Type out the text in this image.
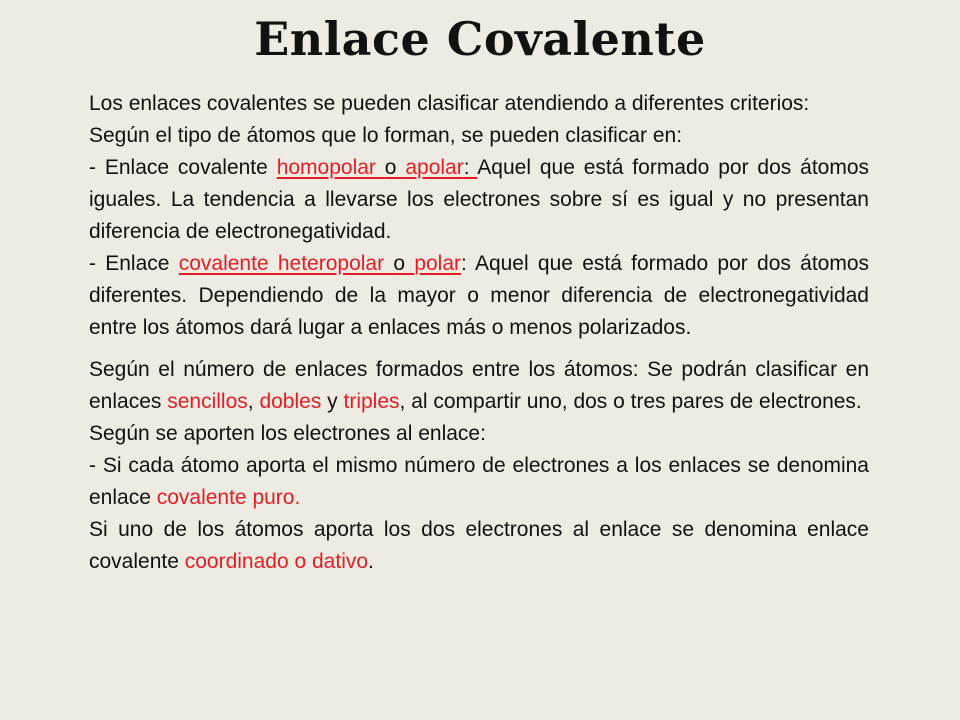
Enlace Covalente

Los enlaces covalentes se pueden clasificar atendiendo a diferentes criterios:

Según el tipo de átomos que lo forman, se pueden clasificar en:

- Enlace covalente homopolar o apolar: Aquel que está formado por dos átomos iguales. La tendencia a llevarse los electrones sobre sí es igual y no presentan diferencia de electronegatividad.

- Enlace covalente heteropolar o polar: Aquel que está formado por dos átomos diferentes. Dependiendo de la mayor o menor diferencia de electronegatividad entre los átomos dará lugar a enlaces más o menos polarizados.

Según el número de enlaces formados entre los átomos: Se podrán clasificar en enlaces sencillos, dobles y triples, al compartir uno, dos o tres pares de electrones.

Según se aporten los electrones al enlace:

- Si cada átomo aporta el mismo número de electrones a los enlaces se denomina enlace covalente puro.

Si uno de los átomos aporta los dos electrones al enlace se denomina enlace covalente coordinado o dativo.
